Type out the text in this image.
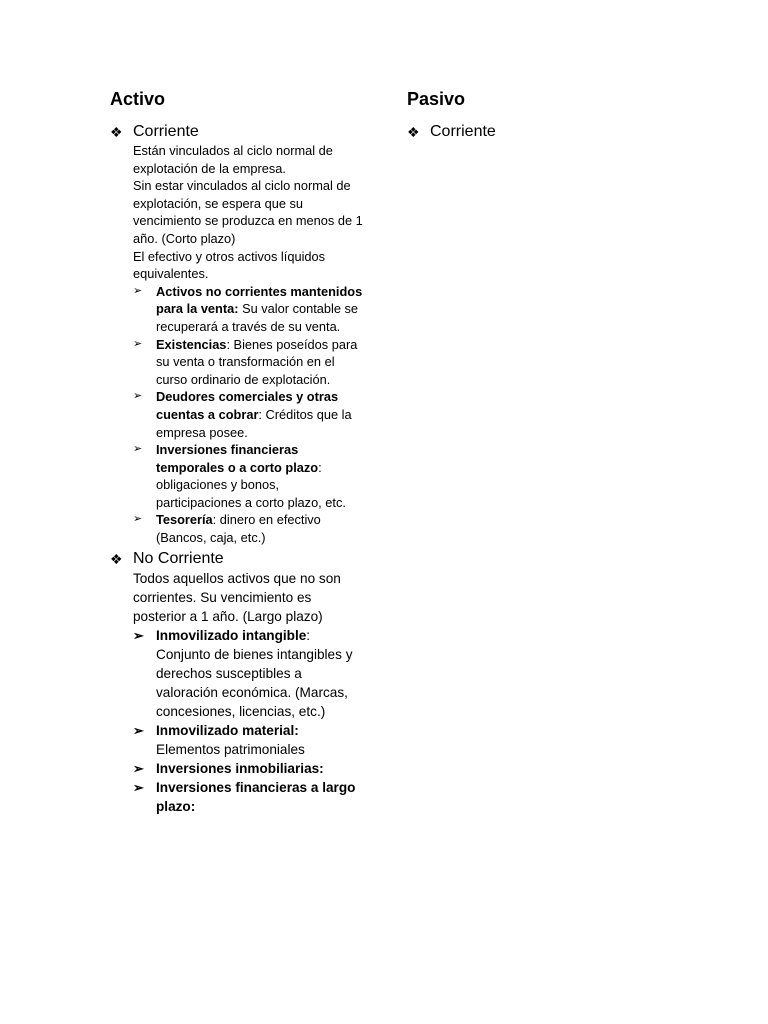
Activo
❖ Corriente
Están vinculados al ciclo normal de explotación de la empresa.
Sin estar vinculados al ciclo normal de explotación, se espera que su vencimiento se produzca en menos de 1 año. (Corto plazo)
El efectivo y otros activos líquidos equivalentes.
➢ Activos no corrientes mantenidos para la venta: Su valor contable se recuperará a través de su venta.
➢ Existencias: Bienes poseídos para su venta o transformación en el curso ordinario de explotación.
➢ Deudores comerciales y otras cuentas a cobrar: Créditos que la empresa posee.
➢ Inversiones financieras temporales o a corto plazo: obligaciones y bonos, participaciones a corto plazo, etc.
➢ Tesorería: dinero en efectivo (Bancos, caja, etc.)
❖ No Corriente
Todos aquellos activos que no son corrientes. Su vencimiento es posterior a 1 año. (Largo plazo)
➢ Inmovilizado intangible: Conjunto de bienes intangibles y derechos susceptibles a valoración económica. (Marcas, concesiones, licencias, etc.)
➢ Inmovilizado material: Elementos patrimoniales
➢ Inversiones inmobiliarias:
➢ Inversiones financieras a largo plazo:
Pasivo
❖ Corriente
